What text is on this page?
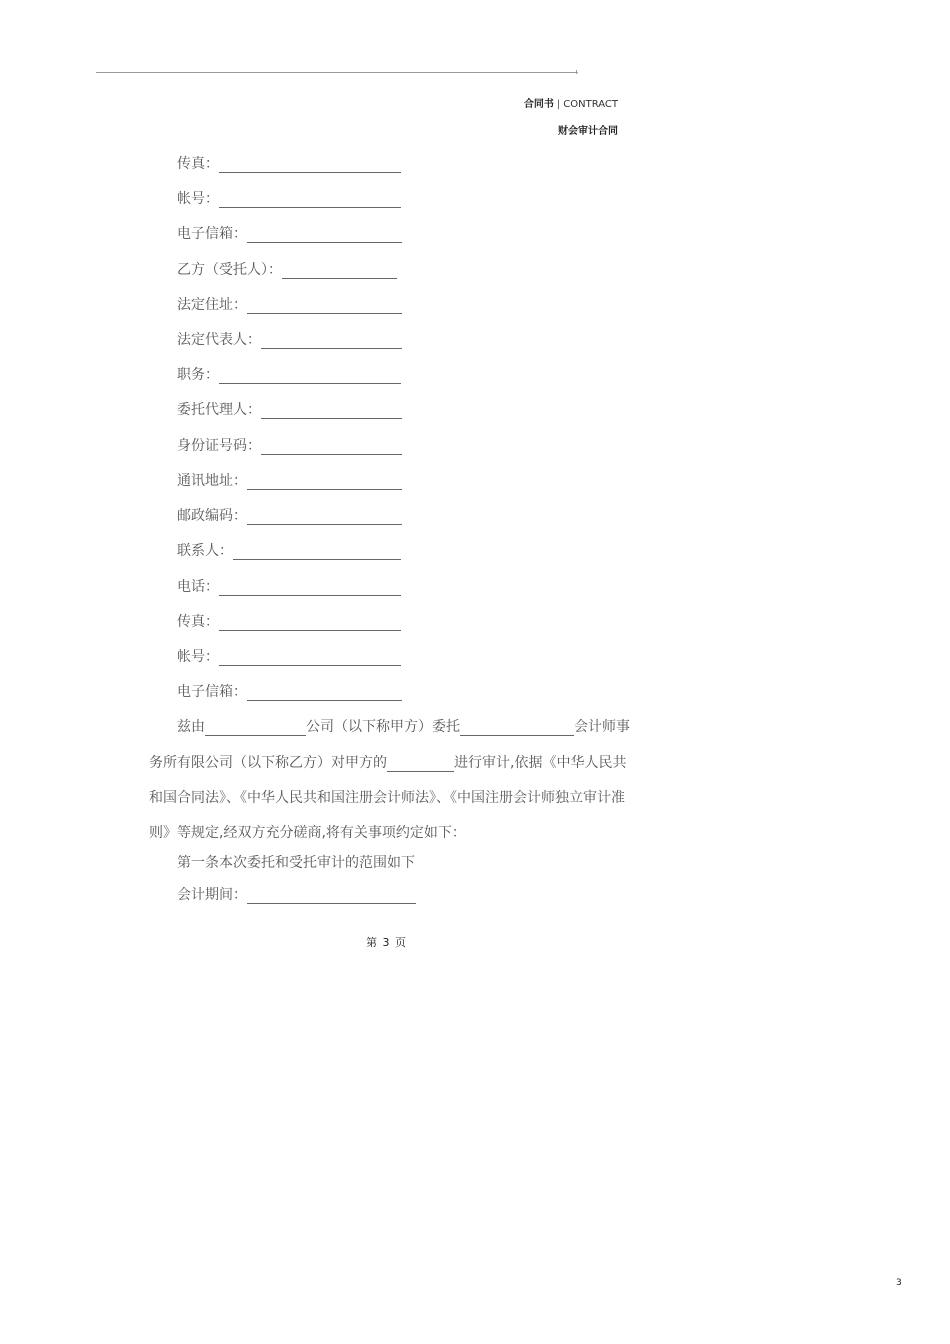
合同书 | CONTRACT
财会审计合同
传真：
帐号：
电子信箱：
乙方（受托人）：
法定住址：
法定代表人：
职务：
委托代理人：
身份证号码：
通讯地址：
邮政编码：
联系人：
电话：
传真：
帐号：
电子信箱：
兹由	公司（以下称甲方）委托	会计师事
务所有限公司（以下称乙方）对甲方的	进行审计,依据《中华人民共
和国合同法》、《中华人民共和国注册会计师法》、《中国注册会计师独立审计准
则》等规定,经双方充分磋商,将有关事项约定如下：
第一条本次委托和受托审计的范围如下
会计期间：
第 3 页
3
